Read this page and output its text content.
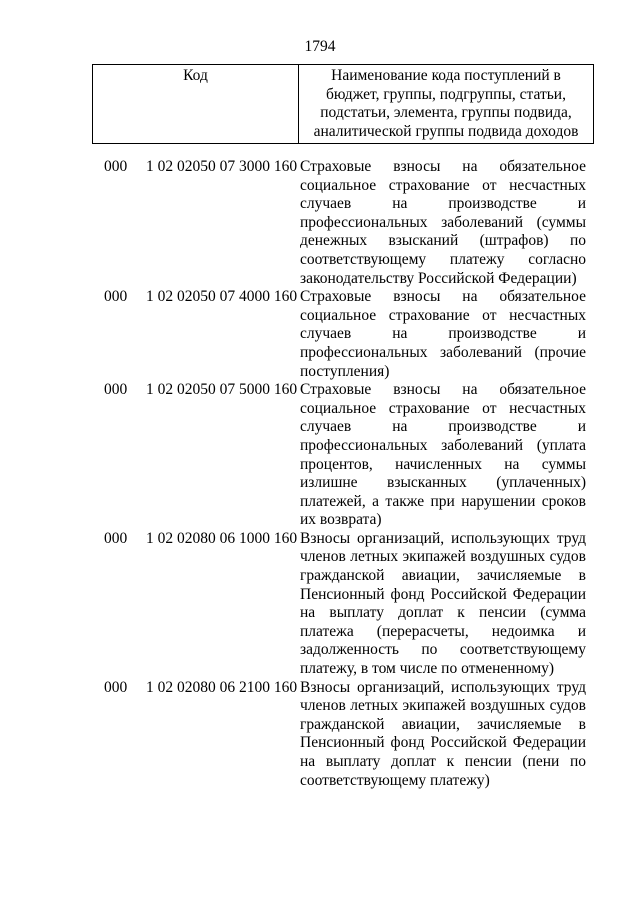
1794
Код	Наименование кода поступлений в бюджет, группы, подгруппы, статьи, подстатьи, элемента, группы подвида, аналитической группы подвида доходов
000 1 02 02050 07 3000 160 Страховые взносы на обязательное социальное страхование от несчастных случаев на производстве и профессиональных заболеваний (суммы денежных взысканий (штрафов) по соответствующему платежу согласно законодательству Российской Федерации)
000 1 02 02050 07 4000 160 Страховые взносы на обязательное социальное страхование от несчастных случаев на производстве и профессиональных заболеваний (прочие поступления)
000 1 02 02050 07 5000 160 Страховые взносы на обязательное социальное страхование от несчастных случаев на производстве и профессиональных заболеваний (уплата процентов, начисленных на суммы излишне взысканных (уплаченных) платежей, а также при нарушении сроков их возврата)
000 1 02 02080 06 1000 160 Взносы организаций, использующих труд членов летных экипажей воздушных судов гражданской авиации, зачисляемые в Пенсионный фонд Российской Федерации на выплату доплат к пенсии (сумма платежа (перерасчеты, недоимка и задолженность по соответствующему платежу, в том числе по отмененному)
000 1 02 02080 06 2100 160 Взносы организаций, использующих труд членов летных экипажей воздушных судов гражданской авиации, зачисляемые в Пенсионный фонд Российской Федерации на выплату доплат к пенсии (пени по соответствующему платежу)
